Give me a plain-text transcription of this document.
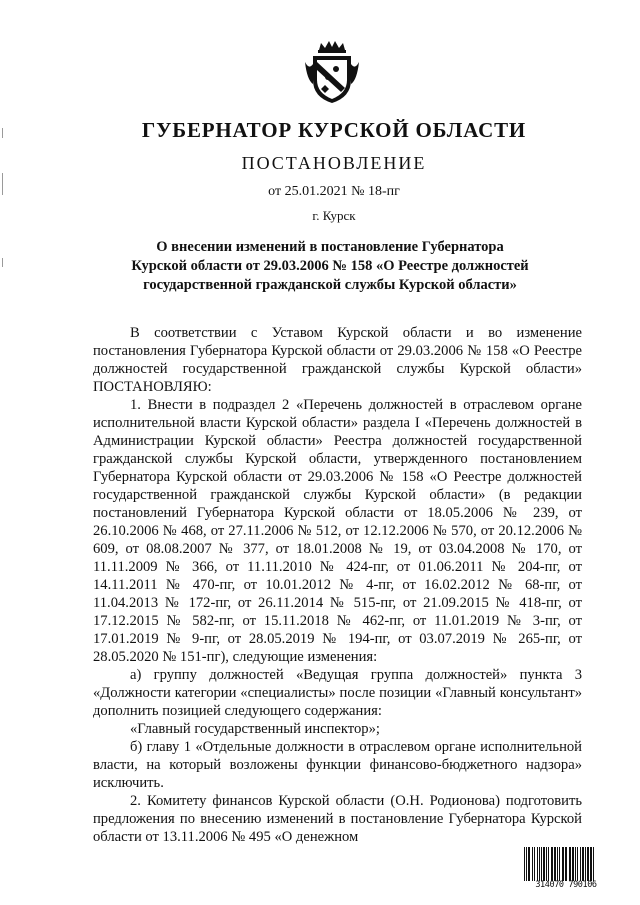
ГУБЕРНАТОР КУРСКОЙ ОБЛАСТИ
ПОСТАНОВЛЕНИЕ
от 25.01.2021 № 18-пг
г. Курск
О внесении изменений в постановление Губернатора
Курской области от 29.03.2006 № 158 «О Реестре должностей
государственной гражданской службы Курской области»

В соответствии с Уставом Курской области и во изменение постановления Губернатора Курской области от 29.03.2006 № 158 «О Реестре должностей государственной гражданской службы Курской области» ПОСТАНОВЛЯЮ:

1. Внести в подраздел 2 «Перечень должностей в отраслевом органе исполнительной власти Курской области» раздела I «Перечень должностей в Администрации Курской области» Реестра должностей государственной гражданской службы Курской области, утвержденного постановлением Губернатора Курской области от 29.03.2006 № 158 «О Реестре должностей государственной гражданской службы Курской области» (в редакции постановлений Губернатора Курской области от 18.05.2006 № 239, от 26.10.2006 № 468, от 27.11.2006 № 512, от 12.12.2006 № 570, от 20.12.2006 № 609, от 08.08.2007 № 377, от 18.01.2008 № 19, от 03.04.2008 № 170, от 11.11.2009 № 366, от 11.11.2010 № 424-пг, от 01.06.2011 № 204-пг, от 14.11.2011 № 470-пг, от 10.01.2012 № 4-пг, от 16.02.2012 № 68-пг, от 11.04.2013 № 172-пг, от 26.11.2014 № 515-пг, от 21.09.2015 № 418-пг, от 17.12.2015 № 582-пг, от 15.11.2018 № 462-пг, от 11.01.2019 № 3-пг, от 17.01.2019 № 9-пг, от 28.05.2019 № 194-пг, от 03.07.2019 № 265-пг, от 28.05.2020 № 151-пг), следующие изменения:

а) группу должностей «Ведущая группа должностей» пункта 3 «Должности категории «специалисты» после позиции «Главный консультант» дополнить позицией следующего содержания:

«Главный государственный инспектор»;

б) главу 1 «Отдельные должности в отраслевом органе исполнительной власти, на который возложены функции финансово-бюджетного надзора» исключить.

2. Комитету финансов Курской области (О.Н. Родионова) подготовить предложения по внесению изменений в постановление Губернатора Курской области от 13.11.2006 № 495 «О денежном

314070 790106
